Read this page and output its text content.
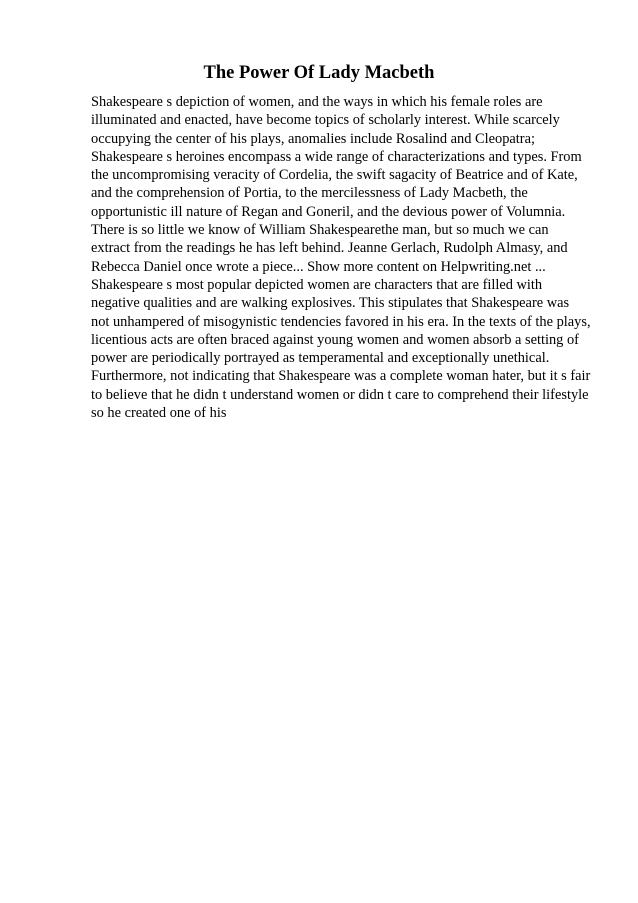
The Power Of Lady Macbeth

Shakespeare s depiction of women, and the ways in which his female roles are illuminated and enacted, have become topics of scholarly interest. While scarcely occupying the center of his plays, anomalies include Rosalind and Cleopatra; Shakespeare s heroines encompass a wide range of characterizations and types. From the uncompromising veracity of Cordelia, the swift sagacity of Beatrice and of Kate, and the comprehension of Portia, to the mercilessness of Lady Macbeth, the opportunistic ill nature of Regan and Goneril, and the devious power of Volumnia. There is so little we know of William Shakespearethe man, but so much we can extract from the readings he has left behind. Jeanne Gerlach, Rudolph Almasy, and Rebecca Daniel once wrote a piece... Show more content on Helpwriting.net ... Shakespeare s most popular depicted women are characters that are filled with negative qualities and are walking explosives. This stipulates that Shakespeare was not unhampered of misogynistic tendencies favored in his era. In the texts of the plays, licentious acts are often braced against young women and women absorb a setting of power are periodically portrayed as temperamental and exceptionally unethical. Furthermore, not indicating that Shakespeare was a complete woman hater, but it s fair to believe that he didn t understand women or didn t care to comprehend their lifestyle so he created one of his
